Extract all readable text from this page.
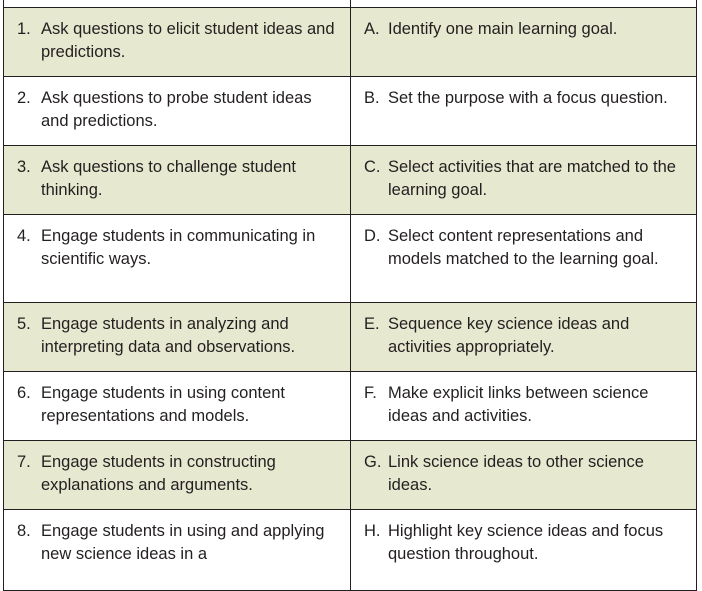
1. Ask questions to elicit student ideas and predictions.	A. Identify one main learning goal.

2. Ask questions to probe student ideas and predictions.	B. Set the purpose with a focus question.

3. Ask questions to challenge student thinking.	C. Select activities that are matched to the learning goal.

4. Engage students in communicating in scientific ways.	D. Select content representations and models matched to the learning goal.

5. Engage students in analyzing and interpreting data and observations.	E. Sequence key science ideas and activities appropriately.

6. Engage students in using content representations and models.	F. Make explicit links between science ideas and activities.

7. Engage students in constructing explanations and arguments.	G. Link science ideas to other science ideas.

8. Engage students in using and applying new science ideas in a	H. Highlight key science ideas and focus question throughout.
